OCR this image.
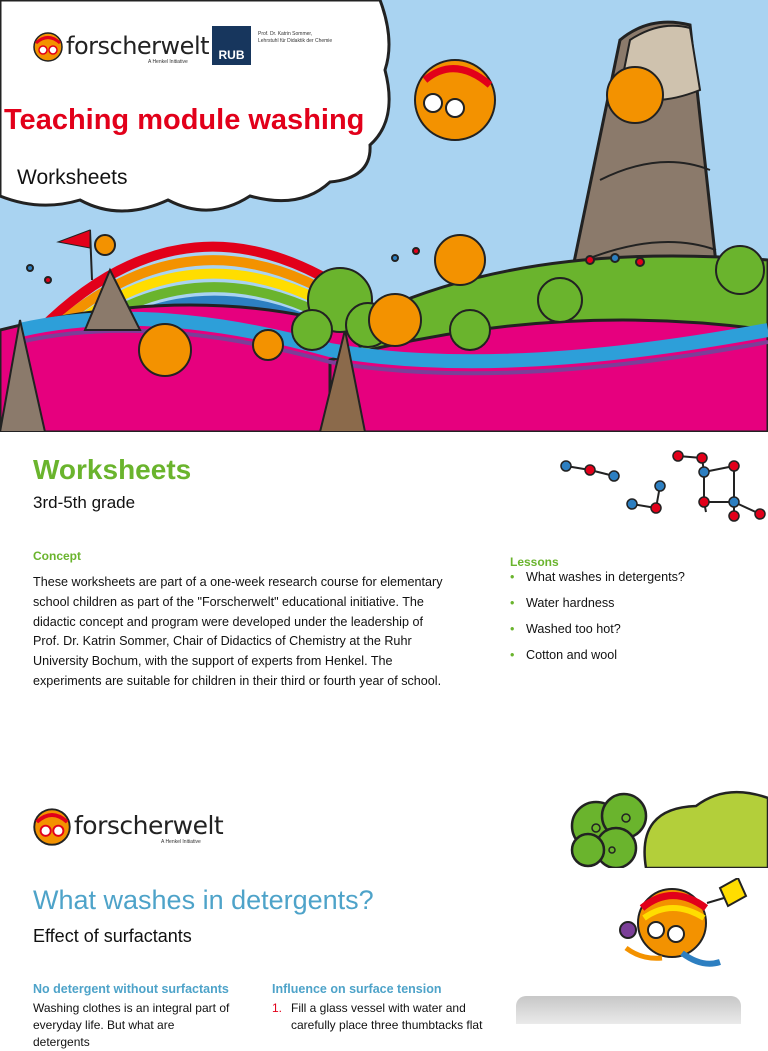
forscherwelt
A Henkel Initiative	RUB
Prof. Dr. Katrin Sommer,
Lehrstuhl für Didaktik der Chemie
Teaching module washing
Worksheets
Worksheets
3rd-5th grade
Concept
These worksheets are part of a one-week research course for elementary school children as part of the "Forscherwelt" educational initiative. The didactic concept and program were developed under the leadership of Prof. Dr. Katrin Sommer, Chair of Didactics of Chemistry at the Ruhr University Bochum, with the support of experts from Henkel. The experiments are suitable for children in their third or fourth year of school.
Lessons
• What washes in detergents?
• Water hardness
• Washed too hot?
• Cotton and wool
forscherwelt
A Henkel Initiative
What washes in detergents?
Effect of surfactants
No detergent without surfactants
Washing clothes is an integral part of everyday life. But what are detergents
Influence on surface tension
1. Fill a glass vessel with water and carefully place three thumbtacks flat
